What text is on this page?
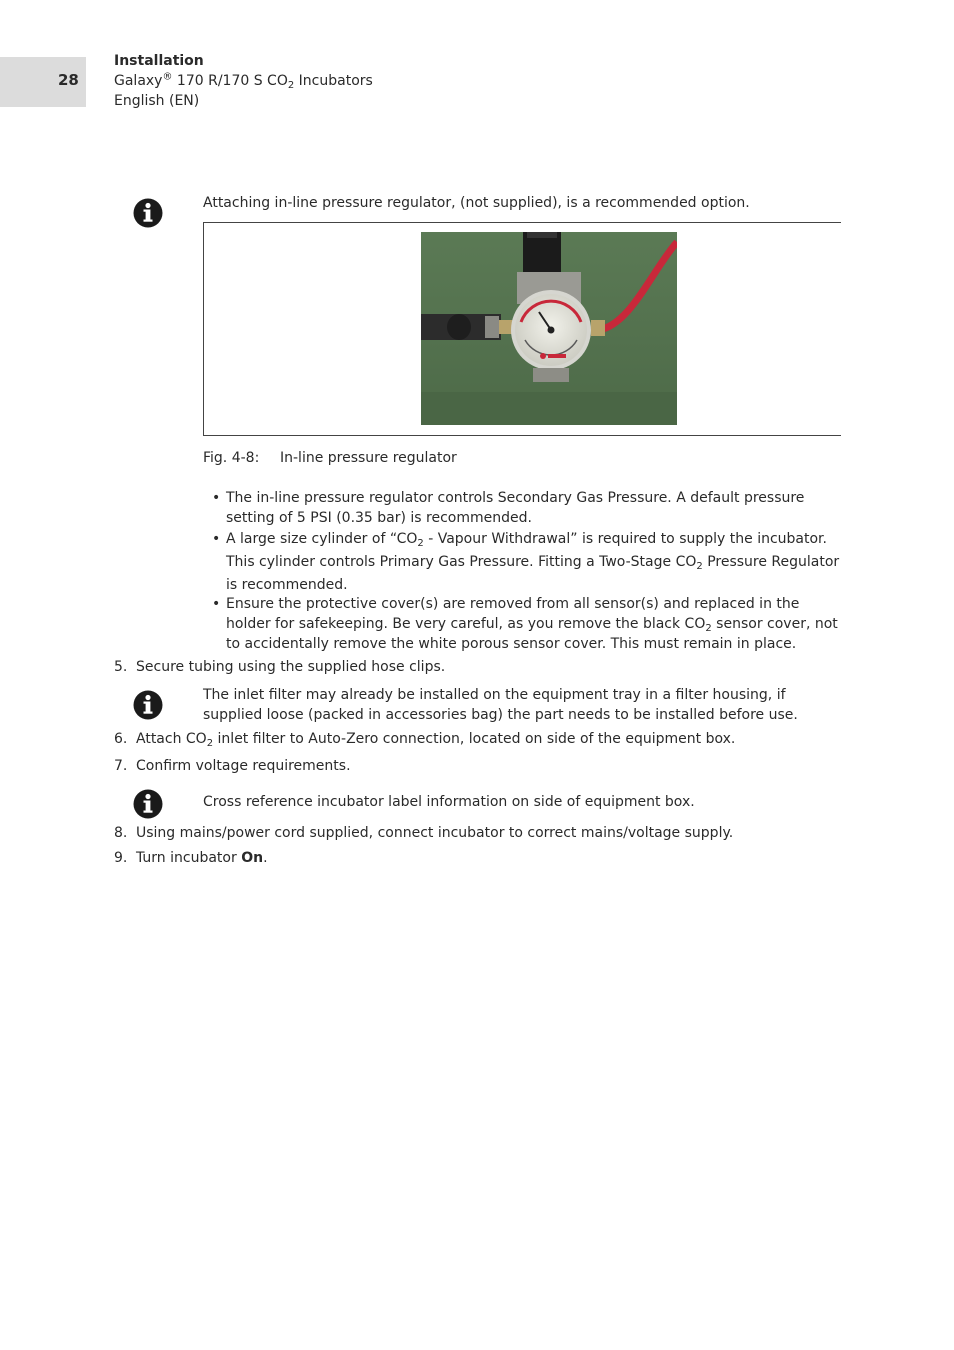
28
Installation
Galaxy® 170 R/170 S $CO_2$ Incubators
English (EN)
Attaching in-line pressure regulator, (not supplied), is a recommended option.
Fig. 4-8: In-line pressure regulator
• The in-line pressure regulator controls Secondary Gas Pressure. A default pressure setting of 5 PSI (0.35 bar) is recommended.
• A large size cylinder of “$CO_2$ - Vapour Withdrawal” is required to supply the incubator. This cylinder controls Primary Gas Pressure. Fitting a Two-Stage $CO_2$ Pressure Regulator is recommended.
• Ensure the protective cover(s) are removed from all sensor(s) and replaced in the holder for safekeeping. Be very careful, as you remove the black $CO_2$ sensor cover, not to accidentally remove the white porous sensor cover. This must remain in place.
5. Secure tubing using the supplied hose clips.
The inlet filter may already be installed on the equipment tray in a filter housing, if supplied loose (packed in accessories bag) the part needs to be installed before use.
6. Attach $CO_2$ inlet filter to Auto-Zero connection, located on side of the equipment box.
7. Confirm voltage requirements.
Cross reference incubator label information on side of equipment box.
8. Using mains/power cord supplied, connect incubator to correct mains/voltage supply.
9. Turn incubator On.
